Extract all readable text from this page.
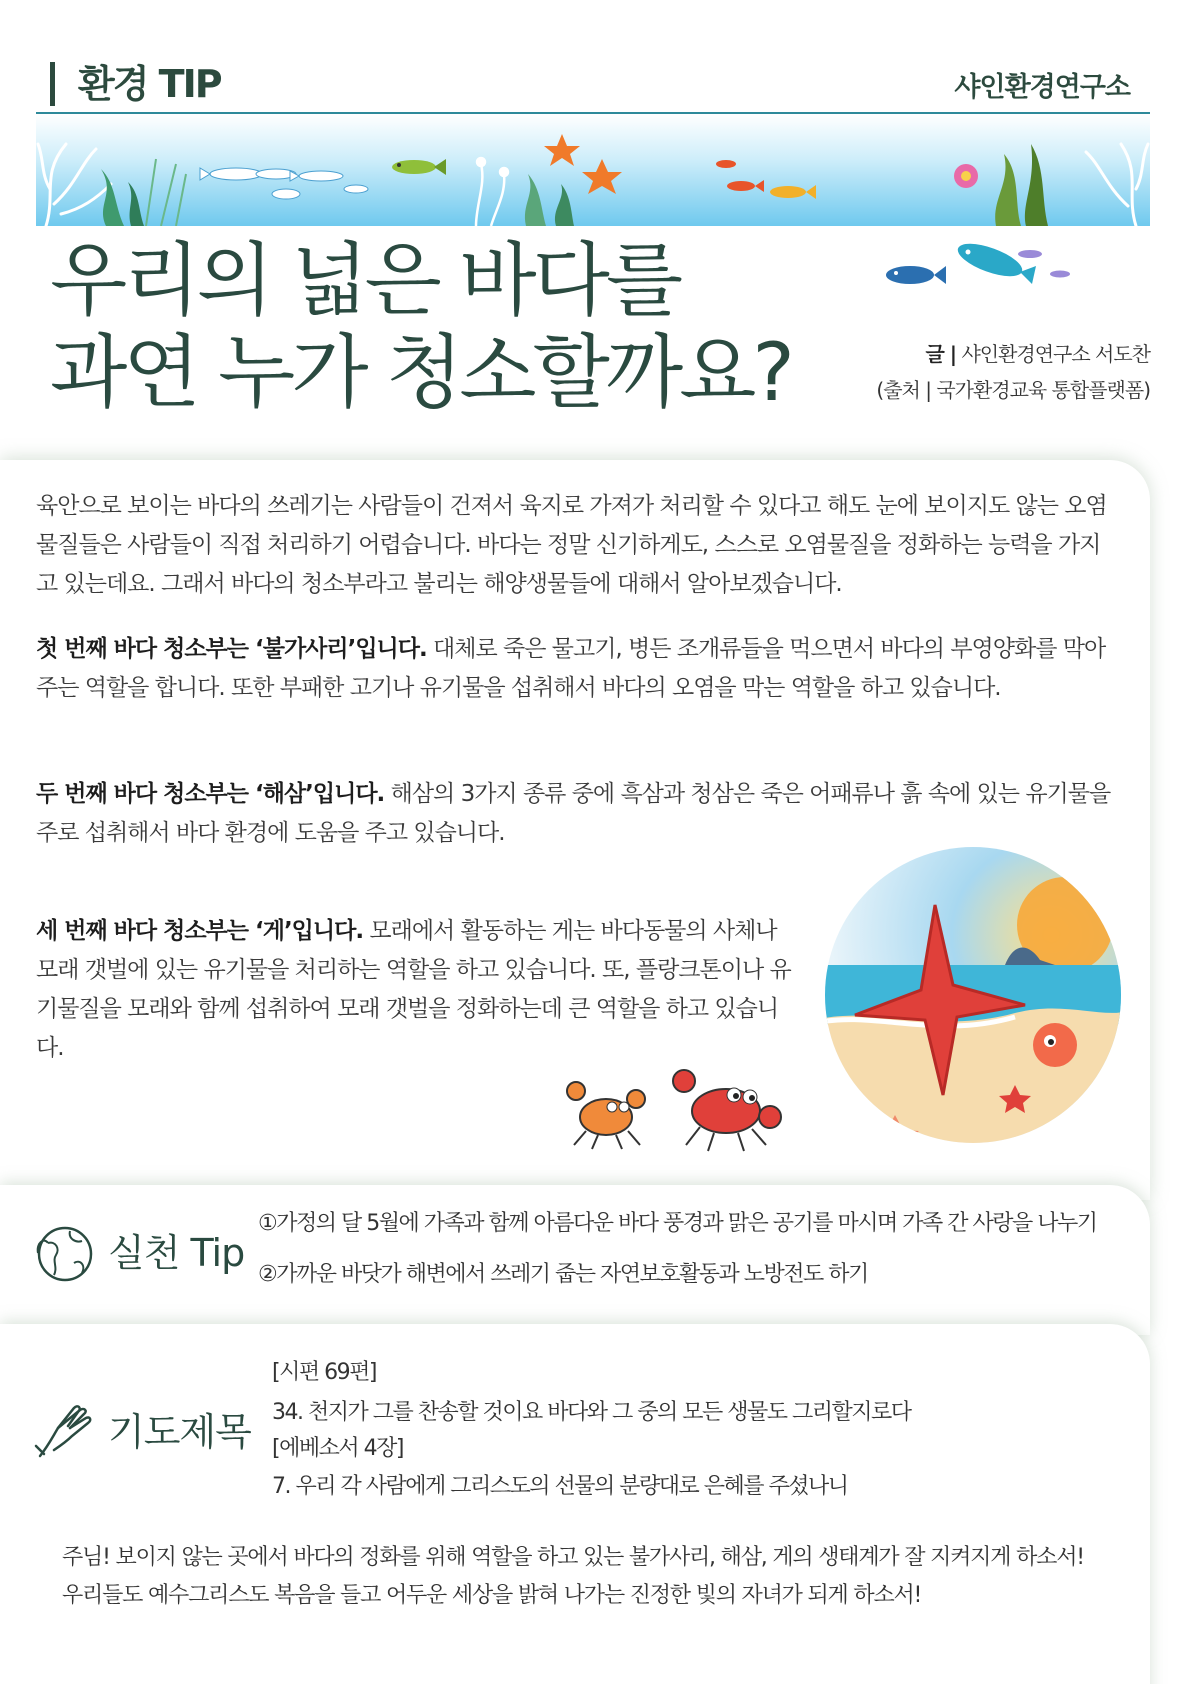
환경 TIP	샤인환경연구소
우리의 넓은 바다를
과연 누가 청소할까요?	글 | 샤인환경연구소 서도찬
(출처 | 국가환경교육 통합플랫폼)
육안으로 보이는 바다의 쓰레기는 사람들이 건져서 육지로 가져가 처리할 수 있다고 해도 눈에 보이지도 않는 오염물질들은 사람들이 직접 처리하기 어렵습니다. 바다는 정말 신기하게도, 스스로 오염물질을 정화하는 능력을 가지고 있는데요. 그래서 바다의 청소부라고 불리는 해양생물들에 대해서 알아보겠습니다.
첫 번째 바다 청소부는 ‘불가사리’입니다. 대체로 죽은 물고기, 병든 조개류들을 먹으면서 바다의 부영양화를 막아주는 역할을 합니다. 또한 부패한 고기나 유기물을 섭취해서 바다의 오염을 막는 역할을 하고 있습니다.
두 번째 바다 청소부는 ‘해삼’입니다. 해삼의 3가지 종류 중에 흑삼과 청삼은 죽은 어패류나 흙 속에 있는 유기물을 주로 섭취해서 바다 환경에 도움을 주고 있습니다.
세 번째 바다 청소부는 ‘게’입니다. 모래에서 활동하는 게는 바다동물의 사체나 모래 갯벌에 있는 유기물을 처리하는 역할을 하고 있습니다. 또, 플랑크톤이나 유기물질을 모래와 함께 섭취하여 모래 갯벌을 정화하는데 큰 역할을 하고 있습니다.
실천 Tip
①가정의 달 5월에 가족과 함께 아름다운 바다 풍경과 맑은 공기를 마시며 가족 간 사랑을 나누기
②가까운 바닷가 해변에서 쓰레기 줍는 자연보호활동과 노방전도 하기
기도제목
[시편 69편]
34. 천지가 그를 찬송할 것이요 바다와 그 중의 모든 생물도 그리할지로다
[에베소서 4장]
7. 우리 각 사람에게 그리스도의 선물의 분량대로 은혜를 주셨나니
주님! 보이지 않는 곳에서 바다의 정화를 위해 역할을 하고 있는 불가사리, 해삼, 게의 생태계가 잘 지켜지게 하소서!
우리들도 예수그리스도 복음을 들고 어두운 세상을 밝혀 나가는 진정한 빛의 자녀가 되게 하소서!
